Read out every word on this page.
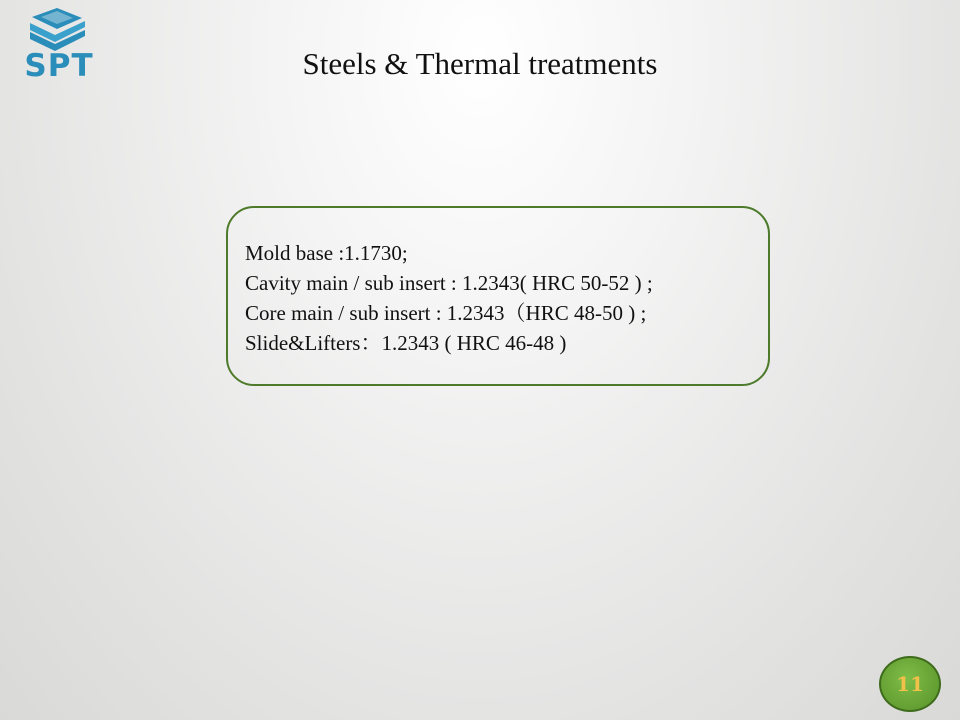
SPT	Steels & Thermal treatments
Mold base :1.1730;
Cavity main / sub insert : 1.2343( HRC 50-52 ) ;
Core main / sub insert : 1.2343（HRC 48-50 ) ;
Slide&Lifters：1.2343 ( HRC 46-48 )
11
